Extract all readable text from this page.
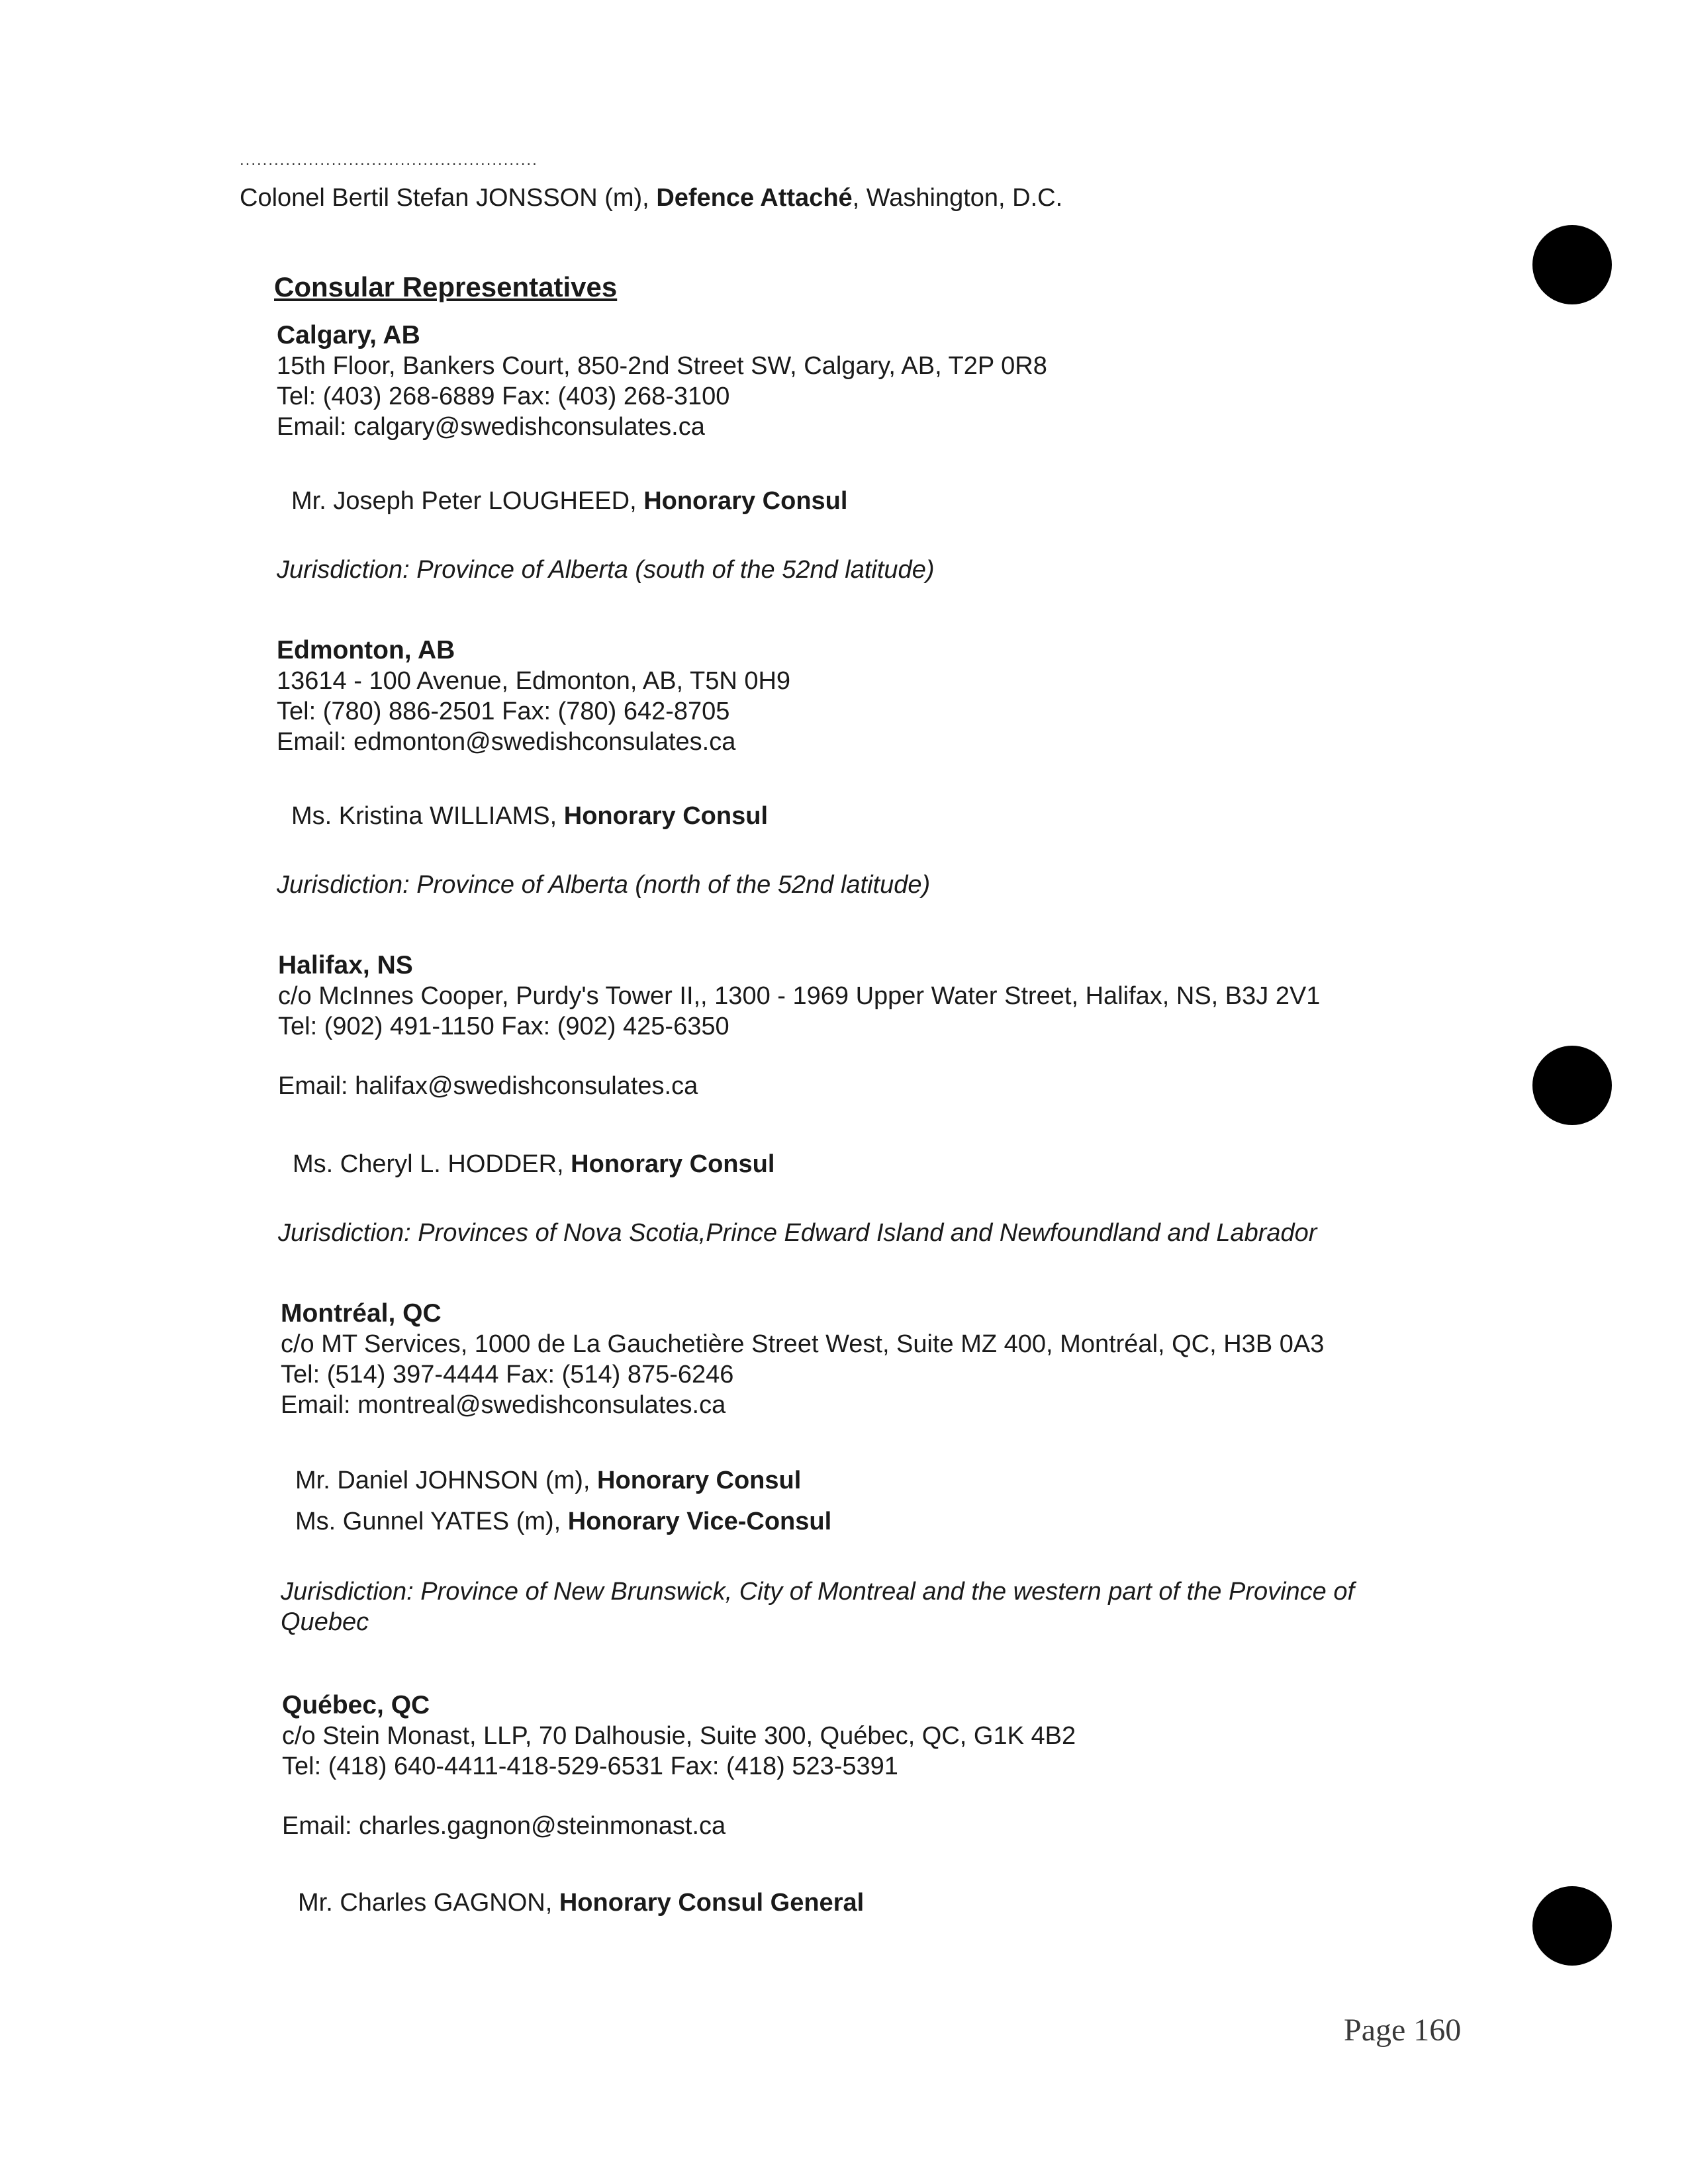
....................................................
Colonel Bertil Stefan JONSSON (m), Defence Attaché, Washington, D.C.
Consular Representatives
Calgary, AB
15th Floor, Bankers Court, 850-2nd Street SW, Calgary, AB, T2P 0R8
Tel: (403) 268-6889 Fax: (403) 268-3100
Email: calgary@swedishconsulates.ca
Mr. Joseph Peter LOUGHEED, Honorary Consul
Jurisdiction: Province of Alberta (south of the 52nd latitude)
Edmonton, AB
13614 - 100 Avenue, Edmonton, AB, T5N 0H9
Tel: (780) 886-2501 Fax: (780) 642-8705
Email: edmonton@swedishconsulates.ca
Ms. Kristina WILLIAMS, Honorary Consul
Jurisdiction: Province of Alberta (north of the 52nd latitude)
Halifax, NS
c/o McInnes Cooper, Purdy's Tower II,, 1300 - 1969 Upper Water Street, Halifax, NS, B3J 2V1
Tel: (902) 491-1150 Fax: (902) 425-6350
Email: halifax@swedishconsulates.ca
Ms. Cheryl L. HODDER, Honorary Consul
Jurisdiction: Provinces of Nova Scotia,Prince Edward Island and Newfoundland and Labrador
Montréal, QC
c/o MT Services, 1000 de La Gauchetière Street West, Suite MZ 400, Montréal, QC, H3B 0A3
Tel: (514) 397-4444 Fax: (514) 875-6246
Email: montreal@swedishconsulates.ca
Mr. Daniel JOHNSON (m), Honorary Consul
Ms. Gunnel YATES (m), Honorary Vice-Consul
Jurisdiction: Province of New Brunswick, City of Montreal and the western part of the Province of
Quebec
Québec, QC
c/o Stein Monast, LLP, 70 Dalhousie, Suite 300, Québec, QC, G1K 4B2
Tel: (418) 640-4411-418-529-6531 Fax: (418) 523-5391
Email: charles.gagnon@steinmonast.ca
Mr. Charles GAGNON, Honorary Consul General
Page 160
